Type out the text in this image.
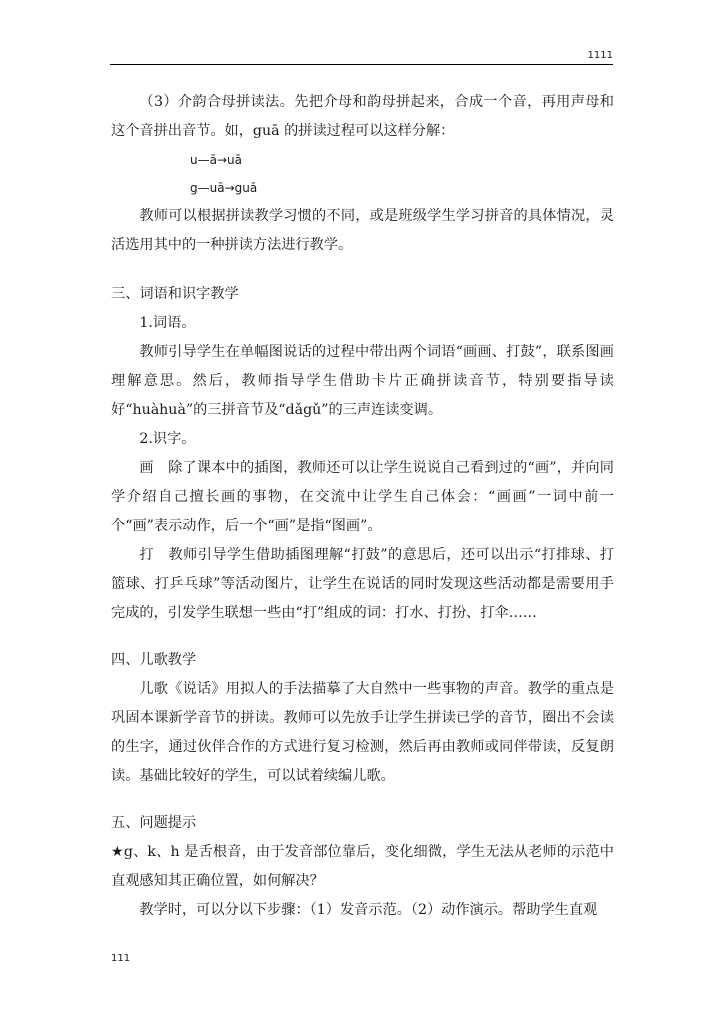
1111

（3）介韵合母拼读法。先把介母和韵母拼起来，合成一个音，再用声母和这个音拼出音节。如，guā 的拼读过程可以这样分解：

u—ā→uā

g—uā→guā

教师可以根据拼读教学习惯的不同，或是班级学生学习拼音的具体情况，灵活选用其中的一种拼读方法进行教学。

三、词语和识字教学

1.词语。

教师引导学生在单幅图说话的过程中带出两个词语“画画、打鼓”，联系图画理解意思。然后，教师指导学生借助卡片正确拼读音节，特别要指导读好“huàhuà”的三拼音节及“dǎgǔ”的三声连读变调。

2.识字。

画　除了课本中的插图，教师还可以让学生说说自己看到过的“画”，并向同学介绍自己擅长画的事物，在交流中让学生自己体会：“画画”一词中前一个“画”表示动作，后一个“画”是指“图画”。

打　教师引导学生借助插图理解“打鼓”的意思后，还可以出示“打排球、打篮球、打乒乓球”等活动图片，让学生在说话的同时发现这些活动都是需要用手完成的，引发学生联想一些由“打”组成的词：打水、打扮、打伞……

四、儿歌教学

儿歌《说话》用拟人的手法描摹了大自然中一些事物的声音。教学的重点是巩固本课新学音节的拼读。教师可以先放手让学生拼读已学的音节，圈出不会读的生字，通过伙伴合作的方式进行复习检测，然后再由教师或同伴带读，反复朗读。基础比较好的学生，可以试着续编儿歌。

五、问题提示

★g、k、h 是舌根音，由于发音部位靠后，变化细微，学生无法从老师的示范中直观感知其正确位置，如何解决？

教学时，可以分以下步骤：（1）发音示范。（2）动作演示。帮助学生直观

111
